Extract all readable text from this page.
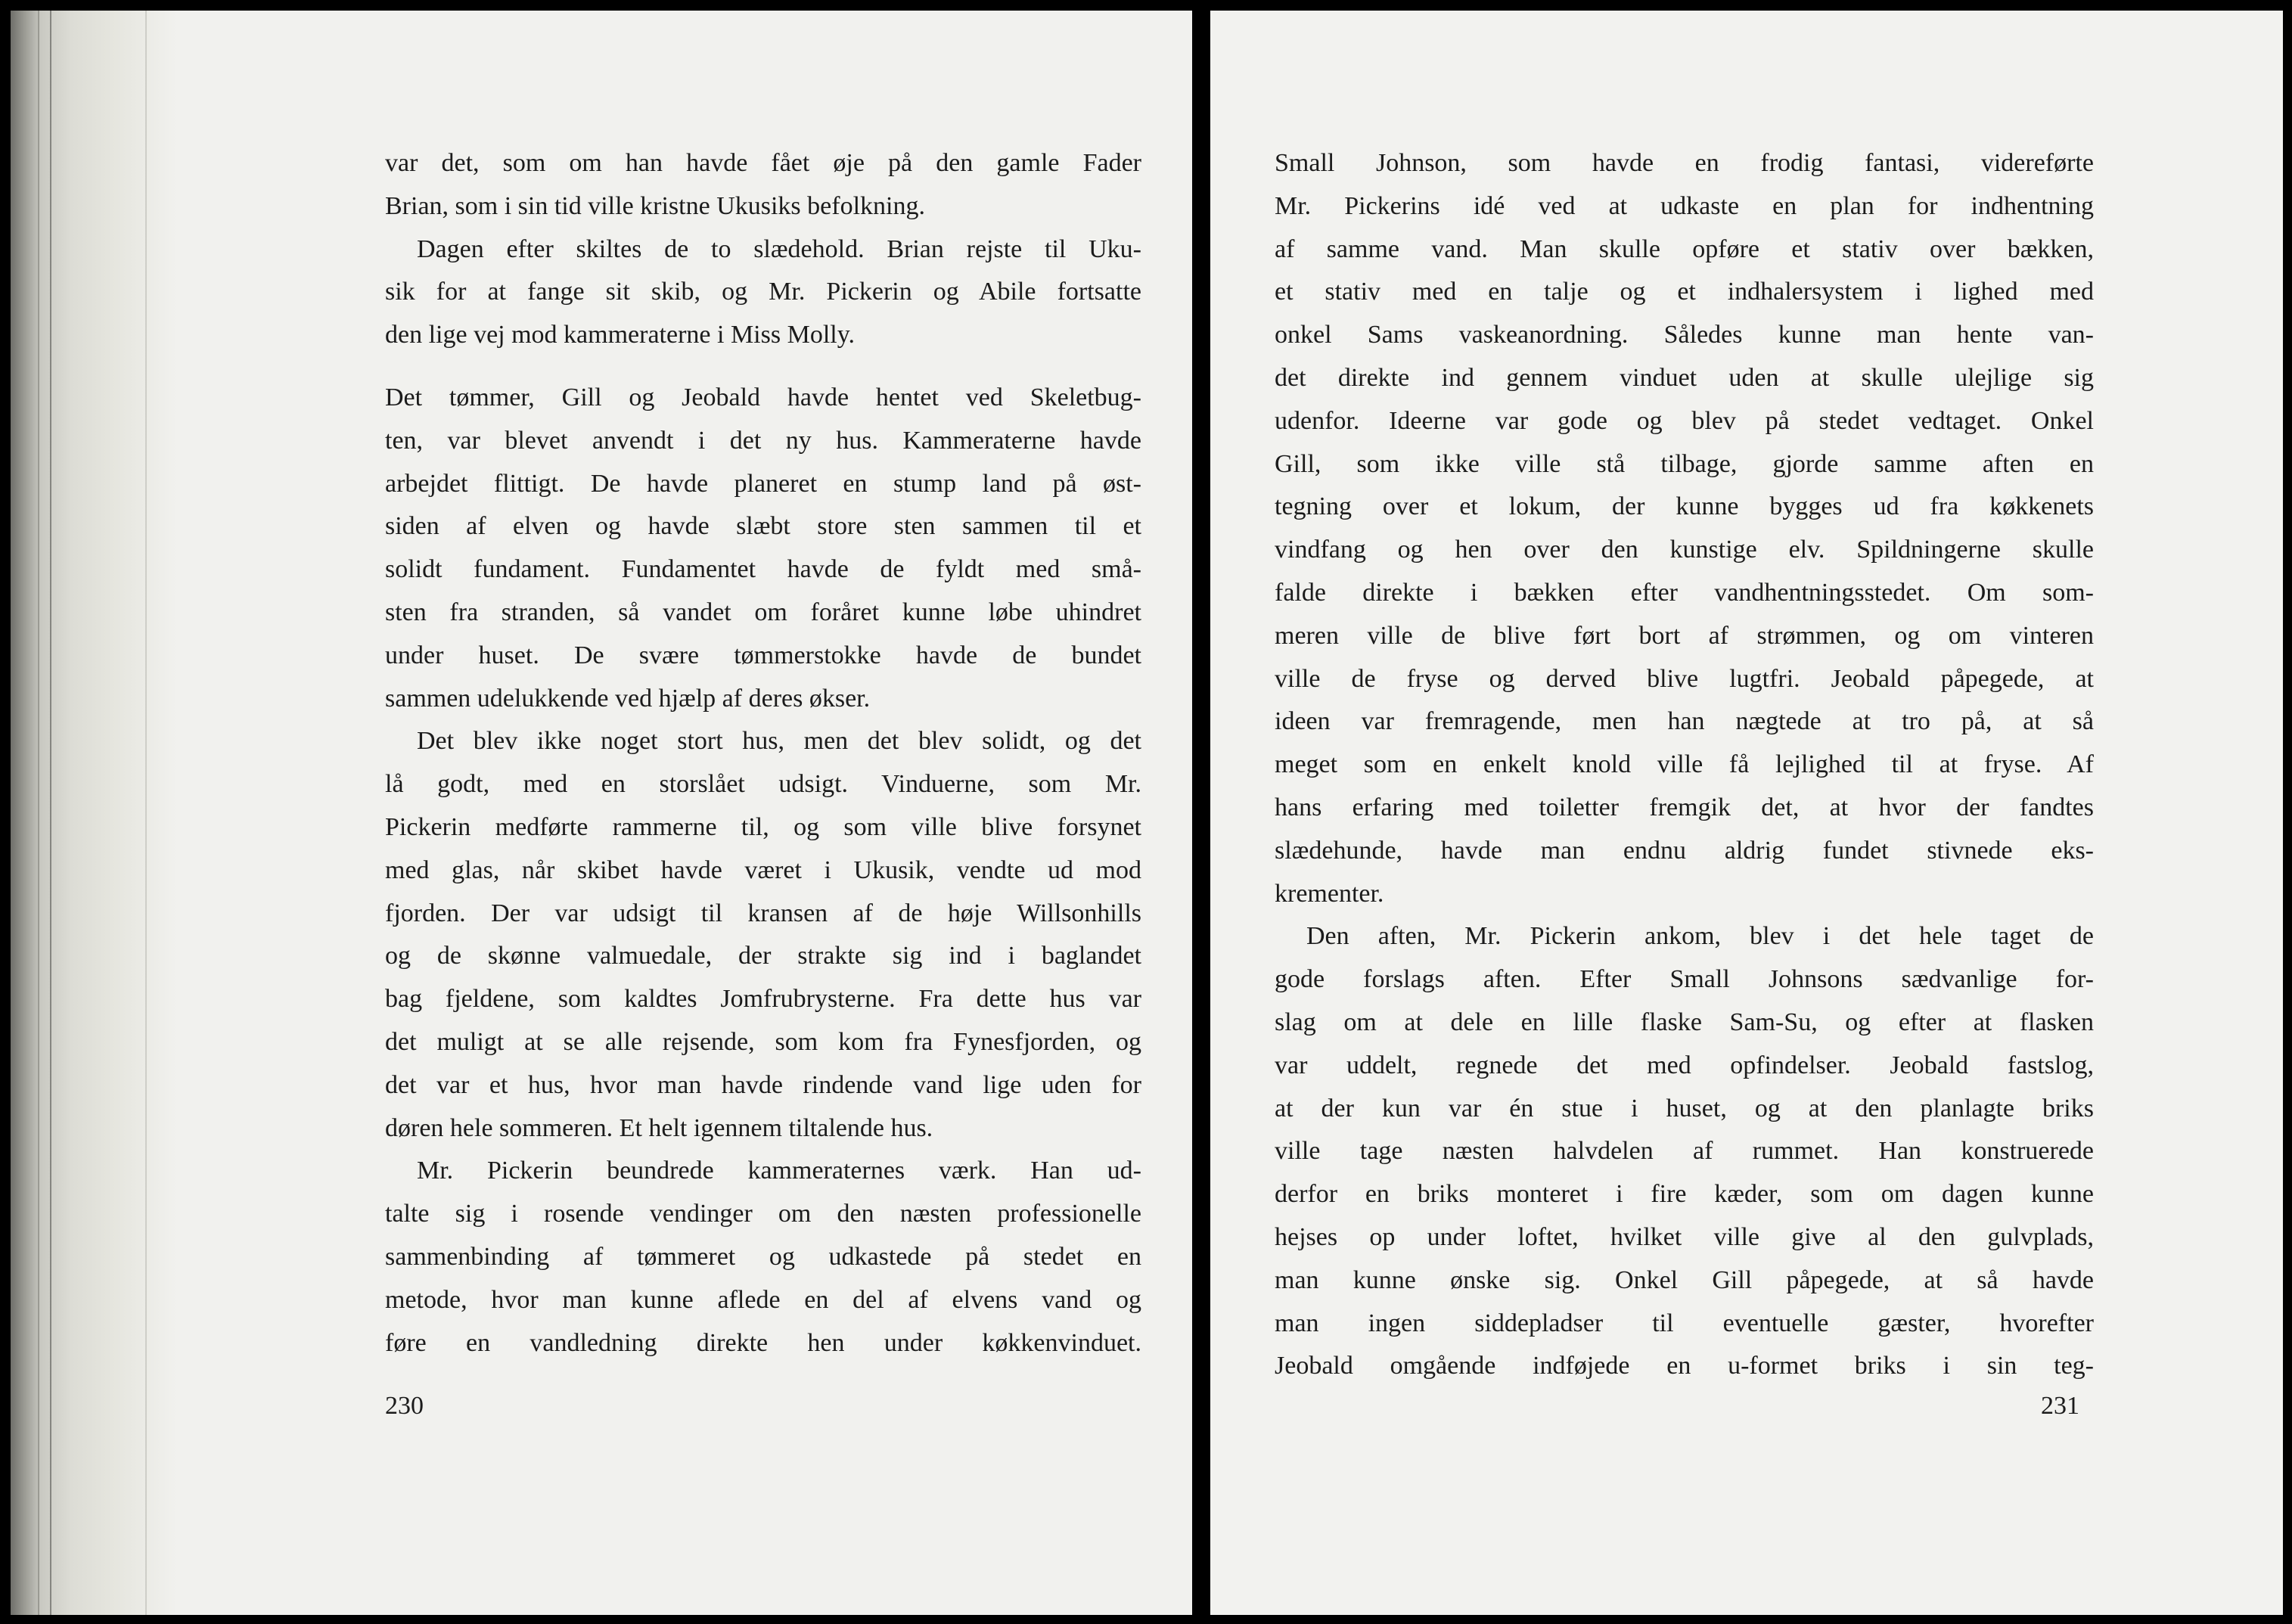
var det, som om han havde fået øje på den gamle Fader
Brian, som i sin tid ville kristne Ukusiks befolkning.
Dagen efter skiltes de to slædehold. Brian rejste til Uku-
sik for at fange sit skib, og Mr. Pickerin og Abile fortsatte
den lige vej mod kammeraterne i Miss Molly.
Det tømmer, Gill og Jeobald havde hentet ved Skeletbug-
ten, var blevet anvendt i det ny hus. Kammeraterne havde
arbejdet flittigt. De havde planeret en stump land på øst-
siden af elven og havde slæbt store sten sammen til et
solidt fundament. Fundamentet havde de fyldt med små-
sten fra stranden, så vandet om foråret kunne løbe uhindret
under huset. De svære tømmerstokke havde de bundet
sammen udelukkende ved hjælp af deres økser.
Det blev ikke noget stort hus, men det blev solidt, og det
lå godt, med en storslået udsigt. Vinduerne, som Mr.
Pickerin medførte rammerne til, og som ville blive forsynet
med glas, når skibet havde været i Ukusik, vendte ud mod
fjorden. Der var udsigt til kransen af de høje Willsonhills
og de skønne valmuedale, der strakte sig ind i baglandet
bag fjeldene, som kaldtes Jomfrubrysterne. Fra dette hus var
det muligt at se alle rejsende, som kom fra Fynesfjorden, og
det var et hus, hvor man havde rindende vand lige uden for
døren hele sommeren. Et helt igennem tiltalende hus.
Mr. Pickerin beundrede kammeraternes værk. Han ud-
talte sig i rosende vendinger om den næsten professionelle
sammenbinding af tømmeret og udkastede på stedet en
metode, hvor man kunne aflede en del af elvens vand og
føre en vandledning direkte hen under køkkenvinduet.
230
Small Johnson, som havde en frodig fantasi, videreførte
Mr. Pickerins idé ved at udkaste en plan for indhentning
af samme vand. Man skulle opføre et stativ over bækken,
et stativ med en talje og et indhalersystem i lighed med
onkel Sams vaskeanordning. Således kunne man hente van-
det direkte ind gennem vinduet uden at skulle ulejlige sig
udenfor. Ideerne var gode og blev på stedet vedtaget. Onkel
Gill, som ikke ville stå tilbage, gjorde samme aften en
tegning over et lokum, der kunne bygges ud fra køkkenets
vindfang og hen over den kunstige elv. Spildningerne skulle
falde direkte i bækken efter vandhentningsstedet. Om som-
meren ville de blive ført bort af strømmen, og om vinteren
ville de fryse og derved blive lugtfri. Jeobald påpegede, at
ideen var fremragende, men han nægtede at tro på, at så
meget som en enkelt knold ville få lejlighed til at fryse. Af
hans erfaring med toiletter fremgik det, at hvor der fandtes
slædehunde, havde man endnu aldrig fundet stivnede eks-
krementer.
Den aften, Mr. Pickerin ankom, blev i det hele taget de
gode forslags aften. Efter Small Johnsons sædvanlige for-
slag om at dele en lille flaske Sam-Su, og efter at flasken
var uddelt, regnede det med opfindelser. Jeobald fastslog,
at der kun var én stue i huset, og at den planlagte briks
ville tage næsten halvdelen af rummet. Han konstruerede
derfor en briks monteret i fire kæder, som om dagen kunne
hejses op under loftet, hvilket ville give al den gulvplads,
man kunne ønske sig. Onkel Gill påpegede, at så havde
man ingen siddepladser til eventuelle gæster, hvorefter
Jeobald omgående indføjede en u-formet briks i sin teg-
231
